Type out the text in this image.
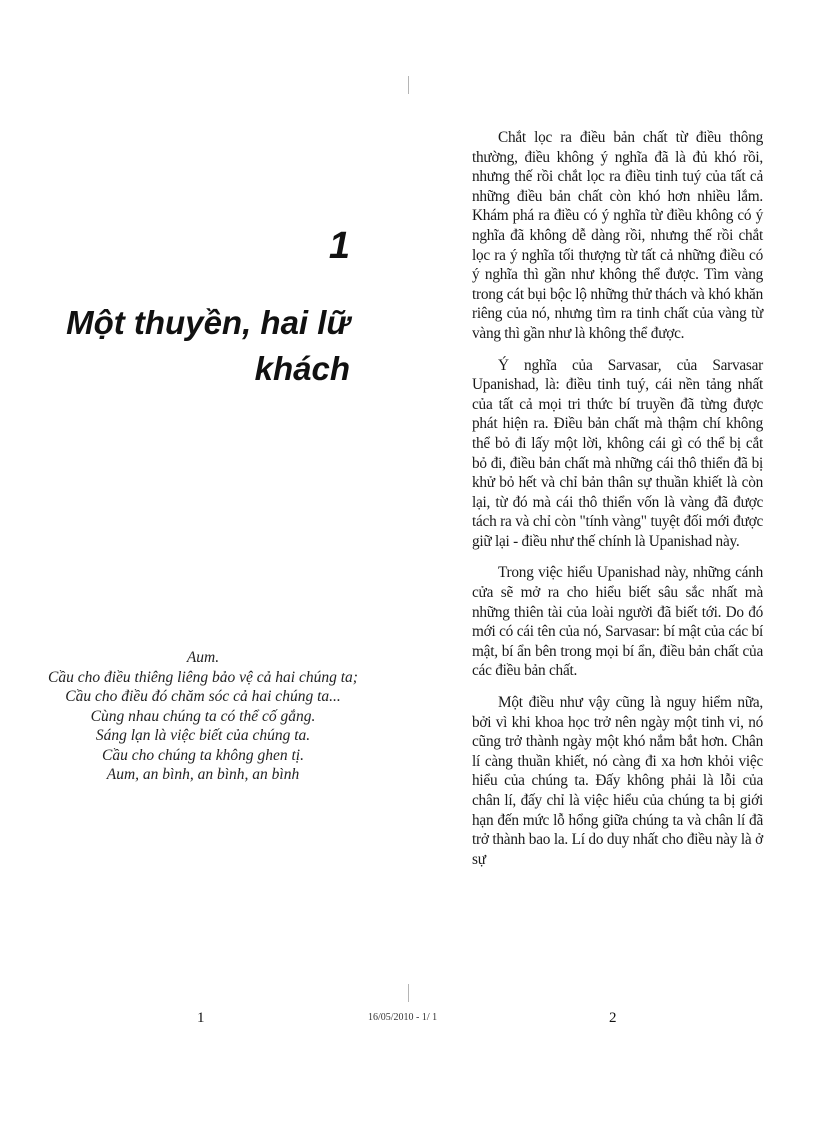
1
Một thuyền, hai lữ
khách
Aum.
Cầu cho điều thiêng liêng bảo vệ cả hai chúng ta;
Cầu cho điều đó chăm sóc cả hai chúng ta...
Cùng nhau chúng ta có thể cố gắng.
Sáng lạn là việc biết của chúng ta.
Cầu cho chúng ta không ghen tị.
Aum, an bình, an bình, an bình

Chắt lọc ra điều bản chất từ điều thông thường, điều không ý nghĩa đã là đủ khó rồi, nhưng thế rồi chắt lọc ra điều tinh tuý của tất cả những điều bản chất còn khó hơn nhiều lắm. Khám phá ra điều có ý nghĩa từ điều không có ý nghĩa đã không dễ dàng rồi, nhưng thế rồi chắt lọc ra ý nghĩa tối thượng từ tất cả những điều có ý nghĩa thì gần như không thể được. Tìm vàng trong cát bụi bộc lộ những thử thách và khó khăn riêng của nó, nhưng tìm ra tinh chất của vàng từ vàng thì gần như là không thể được.

Ý nghĩa của Sarvasar, của Sarvasar Upanishad, là: điều tinh tuý, cái nền tảng nhất của tất cả mọi tri thức bí truyền đã từng được phát hiện ra. Điều bản chất mà thậm chí không thể bỏ đi lấy một lời, không cái gì có thể bị cắt bỏ đi, điều bản chất mà những cái thô thiển đã bị khử bỏ hết và chỉ bản thân sự thuần khiết là còn lại, từ đó mà cái thô thiển vốn là vàng đã được tách ra và chỉ còn "tính vàng" tuyệt đối mới được giữ lại - điều như thế chính là Upanishad này.

Trong việc hiểu Upanishad này, những cánh cửa sẽ mở ra cho hiểu biết sâu sắc nhất mà những thiên tài của loài người đã biết tới. Do đó mới có cái tên của nó, Sarvasar: bí mật của các bí mật, bí ẩn bên trong mọi bí ẩn, điều bản chất của các điều bản chất.

Một điều như vậy cũng là nguy hiểm nữa, bởi vì khi khoa học trở nên ngày một tinh vi, nó cũng trở thành ngày một khó nắm bắt hơn. Chân lí càng thuần khiết, nó càng đi xa hơn khỏi việc hiểu của chúng ta. Đấy không phải là lỗi của chân lí, đấy chỉ là việc hiểu của chúng ta bị giới hạn đến mức lỗ hổng giữa chúng ta và chân lí đã trở thành bao la. Lí do duy nhất cho điều này là ở sự

1	16/05/2010 - 1/ 1	2
